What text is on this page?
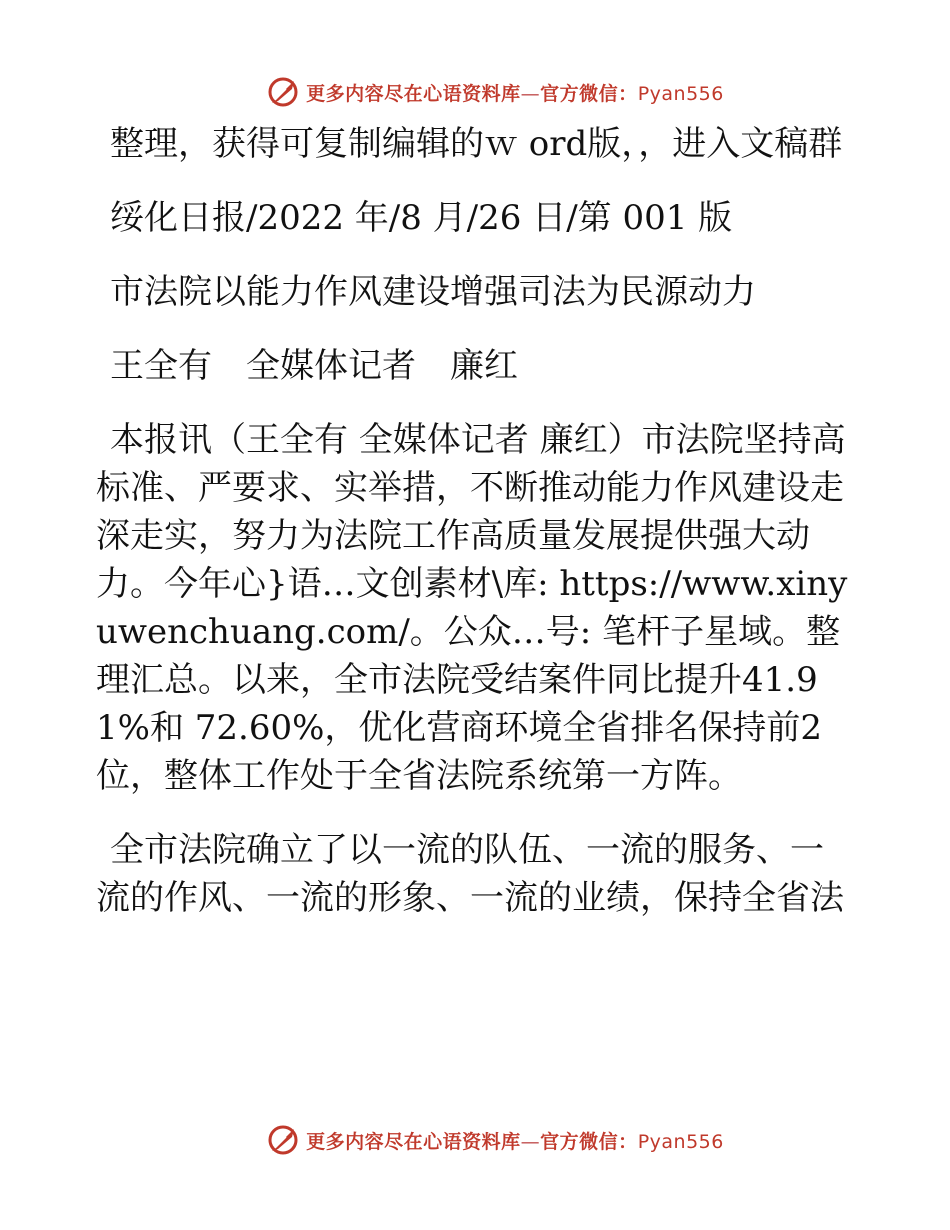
更多内容尽在心语资料库—官方微信：Pyan556

整理，获得可复制编辑的ｗ ord版，，进入文稿群

绥化日报/2022 年/8 月/26 日/第 001 版

市法院以能力作风建设增强司法为民源动力

王全有　全媒体记者　廉红

本报讯（王全有 全媒体记者 廉红）市法院坚持高标准、严要求、实举措，不断推动能力作风建设走深走实，努力为法院工作高质量发展提供强大动力。今年心}语…文创素材\库: https://www.xinyuwenchuang.com/。公众…号: 笔杆子星域。整理汇总。以来，全市法院受结案件同比提升41.91%和 72.60%，优化营商环境全省排名保持前2 位，整体工作处于全省法院系统第一方阵。

全市法院确立了以一流的队伍、一流的服务、一流的作风、一流的形象、一流的业绩，保持全省法

更多内容尽在心语资料库—官方微信：Pyan556
